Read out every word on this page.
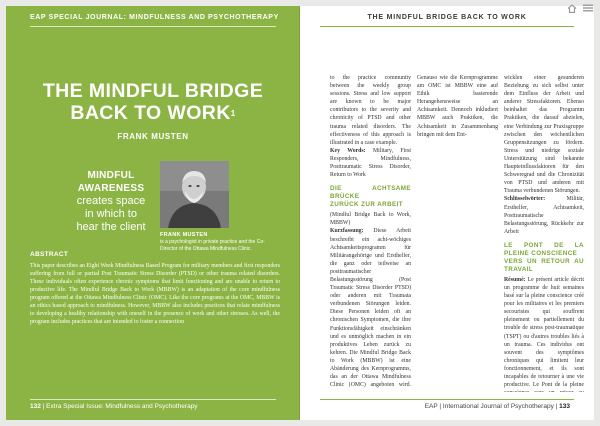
EAP SPECIAL JOURNAL: MINDFULNESS AND PSYCHOTHERAPY
THE MINDFUL BRIDGE
BACK TO WORK$^1$
FRANK MUSTEN
MINDFUL
AWARENESS
creates space
in which to
hear the client
FRANK MUSTEN
is a psychologist in private practice and the Co-Director of the Ottawa Mindfulness Clinic.
ABSTRACT
This paper describes an Eight Week Mindfulness Based Program for military members and first responders suffering from full or partial Post Traumatic Stress Disorder (PTSD) or other trauma related disorders. These individuals often experience chronic symptoms that limit functioning and are unable to return to productive life. The Mindful Bridge Back to Work (MBBW) is an adaptation of the core mindfulness program offered at the Ottawa Mindfulness Clinic (OMC). Like the core programs at the OMC, MBBW is an ethics based approach to mindfulness. However, MBBW also includes practices that relate mindfulness to developing a healthy relationship with oneself in the presence of work and other stresses. As well, the program includes practices that are intended to foster a connection
132 | Extra Special Issue: Mindfulness and Psychotherapy
THE MINDFUL BRIDGE BACK TO WORK

to the practice community between the weekly group sessions. Stress and low support are known to be major contributors to the severity and chronicity of PTSD and other trauma related disorders. The effectiveness of this approach is illustrated in a case example.

Key Words: Military, First Responders, Mindfulness, Posttraumatic Stress Disorder, Return to Work

DIE ACHTSAME BRÜCKE
ZURÜCK ZUR ARBEIT

(Mindful Bridge Back to Work, MBBW)

Kurzfassung: Diese Arbeit beschreibt ein acht-wöchiges Achtsamkeitsprogramm für Militärangehörige und Ersthelfer, die ganz oder teilweise an posttraumatischer Belastungsstörung (Post Traumatic Stress Disorder PTSD) oder anderen mit Traumata verbundenen Störungen leiden. Diese Personen leiden oft an chronischen Symptomen, die ihre Funktionsfähigkeit einschränken und es unmöglich machen in ein produktives Leben zurück zu kehren. Die Mindful Bridge Back to Work (MBBW) ist eine Abänderung des Kernprogramms, das an der Ottawa Mindfulness Clinic (OMC) angeboten wird. Genauso wie die Kernprogramme am OMC ist MBBW eine auf Ethik basierende Herangehensweise an Achtsamkeit. Dennoch inkludiert MBBW auch Praktiken, die Achtsamkeit in Zusammenhang bringen mit dem Ent-

wicklen einer gesunderen Beziehung zu sich selbst unter dem Einfluss der Arbeit und anderer Stressfaktoren. Ebenso beinhaltet das Programm Praktiken, die darauf abzielen, eine Verbindung zur Praxisgruppe zwischen den wöchentlichen Gruppensitzungen zu fördern. Stress und niedrige soziale Unterstützung sind bekannte Haupteinflussfaktoren für den Schweregrad und die Chronizität von PTSD und anderen mit Trauma verbundenen Störungen.

Schlüsselwörter:	Militär, Ersthelfer, Achtsamkeit, Posttraumatische Belastungsstörung, Rückkehr zur Arbeit

LE PONT DE LA PLEINE CONSCIENCE
VERS UN RETOUR AU TRAVAIL

Résumé: Le présent article décrit un programme de huit semaines basé sur la pleine conscience créé pour les militaires et les premiers secouristes qui souffrent pleinement ou partiellement du trouble de stress post-traumatique (TSPT) ou d'autres troubles liés à un trauma. Ces individus ont souvent des symptômes chroniques qui limitent leur fonctionnement, et ils sont incapables de retourner à une vie productive. Le Pont de la pleine

EAP | International Journal of Psychotherapy | 133
